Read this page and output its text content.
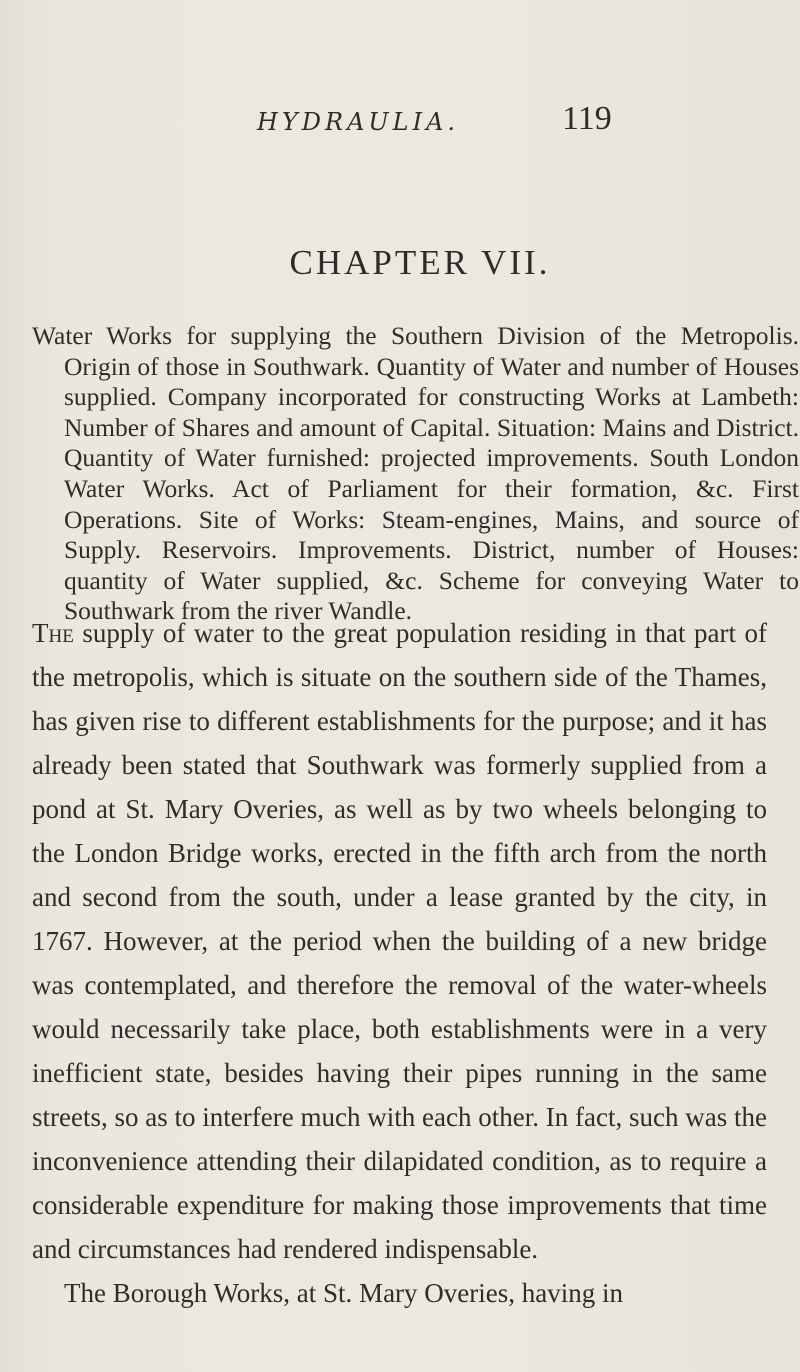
HYDRAULIA.	119
CHAPTER VII.

Water Works for supplying the Southern Division of the Metropolis. Origin of those in Southwark. Quantity of Water and number of Houses supplied. Company incorporated for constructing Works at Lambeth: Number of Shares and amount of Capital. Situation: Mains and District. Quantity of Water furnished: projected improvements. South London Water Works. Act of Parliament for their formation, &c. First Operations. Site of Works: Steam-engines, Mains, and source of Supply. Reservoirs. Improvements. District, number of Houses: quantity of Water supplied, &c. Scheme for conveying Water to Southwark from the river Wandle.

The supply of water to the great population residing in that part of the metropolis, which is situate on the southern side of the Thames, has given rise to different establishments for the purpose; and it has already been stated that Southwark was formerly supplied from a pond at St. Mary Overies, as well as by two wheels belonging to the London Bridge works, erected in the fifth arch from the north and second from the south, under a lease granted by the city, in 1767. However, at the period when the building of a new bridge was contemplated, and therefore the removal of the water-wheels would necessarily take place, both establishments were in a very inefficient state, besides having their pipes running in the same streets, so as to interfere much with each other. In fact, such was the inconvenience attending their dilapidated condition, as to require a considerable expenditure for making those improvements that time and circumstances had rendered indispensable.

The Borough Works, at St. Mary Overies, having in
